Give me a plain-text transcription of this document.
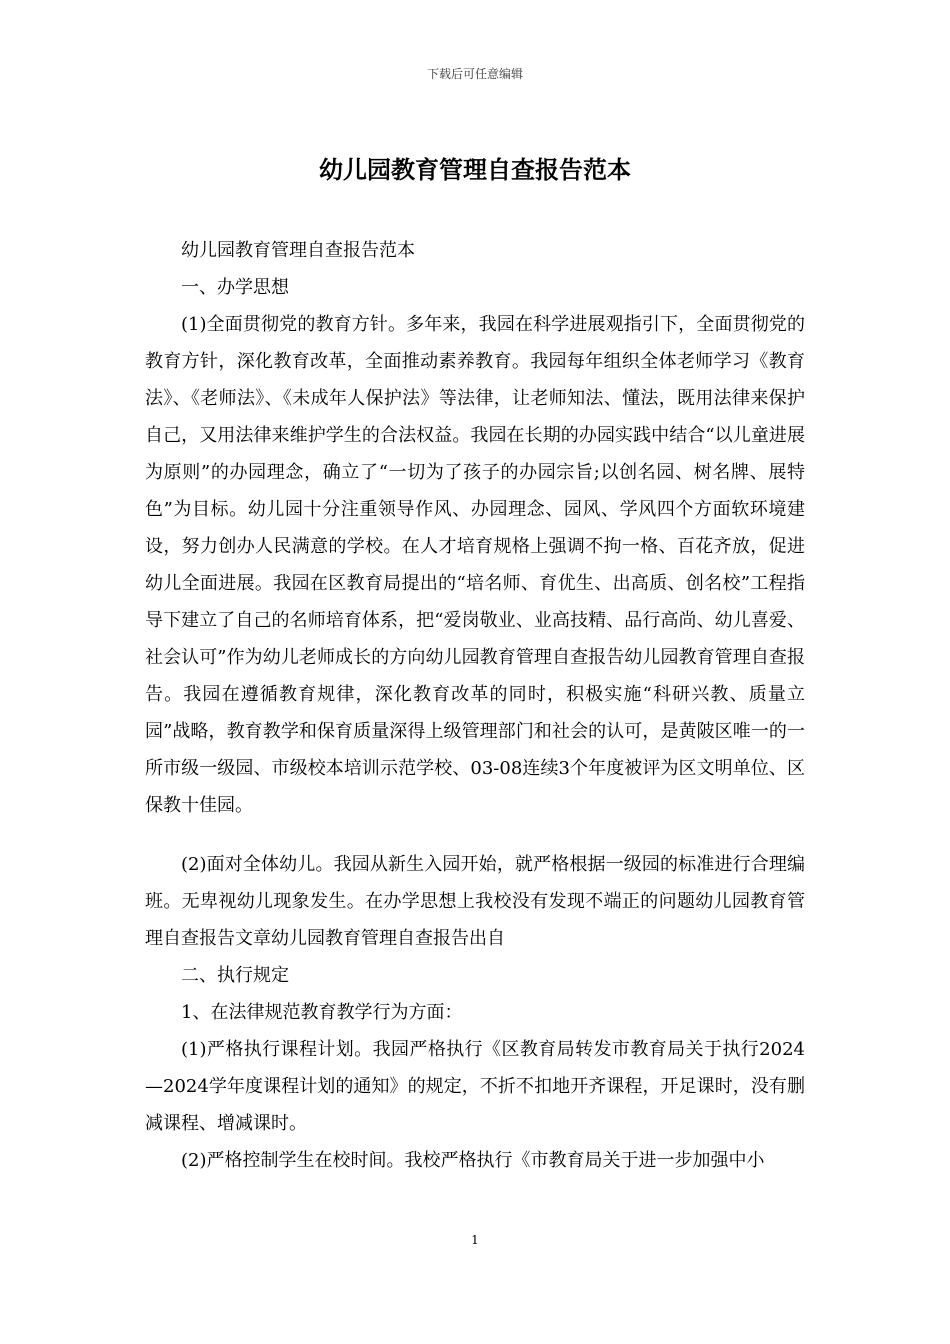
下载后可任意编辑
幼儿园教育管理自查报告范本

幼儿园教育管理自查报告范本

一、办学思想

(1)全面贯彻党的教育方针。多年来，我园在科学进展观指引下，全面贯彻党的教育方针，深化教育改革，全面推动素养教育。我园每年组织全体老师学习《教育法》、《老师法》、《未成年人保护法》等法律，让老师知法、懂法，既用法律来保护自己，又用法律来维护学生的合法权益。我园在长期的办园实践中结合“以儿童进展为原则”的办园理念，确立了“一切为了孩子的办园宗旨;以创名园、树名牌、展特色”为目标。幼儿园十分注重领导作风、办园理念、园风、学风四个方面软环境建设，努力创办人民满意的学校。在人才培育规格上强调不拘一格、百花齐放，促进幼儿全面进展。我园在区教育局提出的“培名师、育优生、出高质、创名校”工程指导下建立了自己的名师培育体系，把“爱岗敬业、业高技精、品行高尚、幼儿喜爱、社会认可”作为幼儿老师成长的方向幼儿园教育管理自查报告幼儿园教育管理自查报告。我园在遵循教育规律，深化教育改革的同时，积极实施“科研兴教、质量立园”战略，教育教学和保育质量深得上级管理部门和社会的认可，是黄陂区唯一的一所市级一级园、市级校本培训示范学校、03-08连续3个年度被评为区文明单位、区保教十佳园。

(2)面对全体幼儿。我园从新生入园开始，就严格根据一级园的标准进行合理编班。无卑视幼儿现象发生。在办学思想上我校没有发现不端正的问题幼儿园教育管理自查报告文章幼儿园教育管理自查报告出自

二、执行规定

1、在法律规范教育教学行为方面：

(1)严格执行课程计划。我园严格执行《区教育局转发市教育局关于执行2024—2024学年度课程计划的通知》的规定，不折不扣地开齐课程，开足课时，没有删减课程、增减课时。

(2)严格控制学生在校时间。我校严格执行《市教育局关于进一步加强中小

1
